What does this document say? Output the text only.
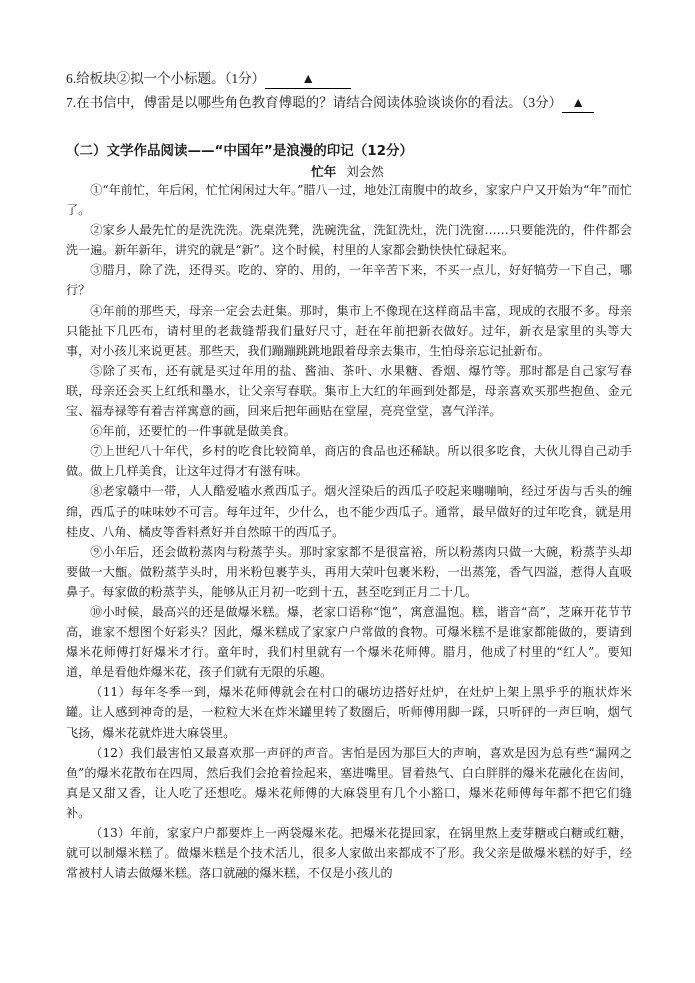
6.给板块②拟一个小标题。（1分）	▲
7.在书信中，傅雷是以哪些角色教育傅聪的？请结合阅读体验谈谈你的看法。（3分） ▲
（二）文学作品阅读——“中国年”是浪漫的印记（12分）
忙年 刘会然

①“年前忙，年后闲，忙忙闲闲过大年。”腊八一过，地处江南腹中的故乡，家家户户又开始为“年”而忙了。

②家乡人最先忙的是洗洗洗。洗桌洗凳，洗碗洗盆，洗缸洗灶，洗门洗窗……只要能洗的，件件都会洗一遍。新年新年，讲究的就是“新”。这个时候，村里的人家都会勤快快忙碌起来。

③腊月，除了洗，还得买。吃的、穿的、用的，一年辛苦下来，不买一点儿，好好犒劳一下自己，哪行？

④年前的那些天，母亲一定会去赶集。那时，集市上不像现在这样商品丰富，现成的衣服不多。母亲只能扯下几匹布，请村里的老裁缝帮我们量好尺寸，赶在年前把新衣做好。过年，新衣是家里的头等大事，对小孩儿来说更甚。那些天，我们蹦蹦跳跳地跟着母亲去集市，生怕母亲忘记扯新布。

⑤除了买布，还有就是买过年用的盐、酱油、茶叶、水果糖、香烟、爆竹等。那时都是自己家写春联，母亲还会买上红纸和墨水，让父亲写春联。集市上大红的年画到处都是，母亲喜欢买那些抱鱼、金元宝、福寿禄等有着吉祥寓意的画，回来后把年画贴在堂屋，亮亮堂堂，喜气洋洋。

⑥年前，还要忙的一件事就是做美食。

⑦上世纪八十年代，乡村的吃食比较简单，商店的食品也还稀缺。所以很多吃食，大伙儿得自己动手做。做上几样美食，让这年过得才有滋有味。

⑧老家赣中一带，人人酷爱嗑水煮西瓜子。烟火淫染后的西瓜子咬起来嘣嘣响，经过牙齿与舌头的缠绵，西瓜子的味味妙不可言。每年过年，少什么，也不能少西瓜子。通常，最早做好的过年吃食，就是用桂皮、八角、橘皮等香料煮好并自然晾干的西瓜子。

⑨小年后，还会做粉蒸肉与粉蒸芋头。那时家家都不是很富裕，所以粉蒸肉只做一大碗，粉蒸芋头却要做一大甑。做粉蒸芋头时，用米粉包裹芋头，再用大荣叶包裹米粉，一出蒸笼，香气四溢，惹得人直吸鼻子。每家做的粉蒸芋头，能够从正月初一吃到十五，甚至吃到正月二十几。

⑩小时候，最高兴的还是做爆米糕。爆，老家口语称“饱”，寓意温饱。糕，谐音“高”，芝麻开花节节高，谁家不想图个好彩头？因此，爆米糕成了家家户户常做的食物。可爆米糕不是谁家都能做的，要请到爆米花师傅打好爆米才行。童年时，我们村里就有一个爆米花师傅。腊月，他成了村里的“红人”。要知道，单是看他炸爆米花，孩子们就有无限的乐趣。

（11）每年冬季一到，爆米花师傅就会在村口的碾坊边搭好灶炉，在灶炉上架上黑乎乎的瓶状炸米罐。让人感到神奇的是，一粒粒大米在炸米罐里转了数圈后，听师傅用脚一踩，只听砰的一声巨响，烟气飞扬，爆米花就炸进大麻袋里。

（12）我们最害怕又最喜欢那一声砰的声音。害怕是因为那巨大的声响，喜欢是因为总有些“漏网之鱼”的爆米花散布在四周，然后我们会抢着捡起来，塞进嘴里。冒着热气、白白胖胖的爆米花融化在齿间，真是又甜又香，让人吃了还想吃。爆米花师傅的大麻袋里有几个小豁口，爆米花师傅每年都不把它们缝补。

（13）年前，家家户户都要炸上一两袋爆米花。把爆米花提回家，在锅里熬上麦芽糖或白糖或红糖，就可以制爆米糕了。做爆米糕是个技术活儿，很多人家做出来都成不了形。我父亲是做爆米糕的好手，经常被村人请去做爆米糕。落口就融的爆米糕，不仅是小孩儿的
